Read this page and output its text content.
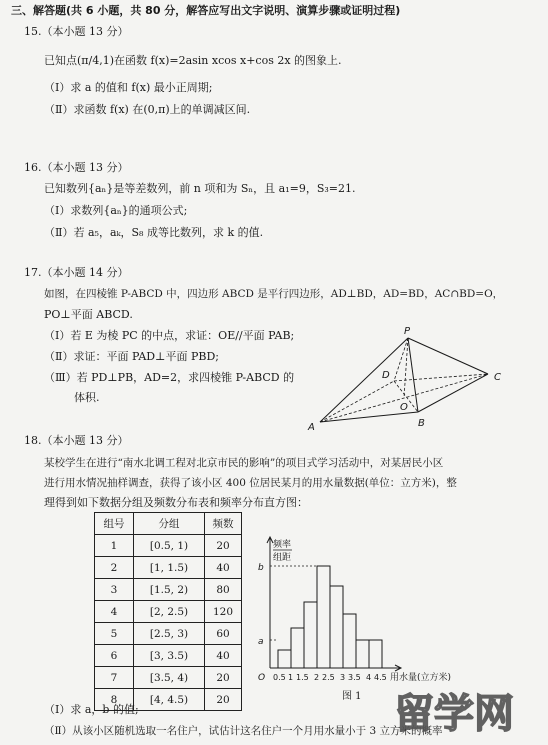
三、解答题(共 6 小题，共 80 分，解答应写出文字说明、演算步骤或证明过程)
15.（本小题 13 分）
已知点(π/4,1)在函数 f(x)=2asin xcos x+cos 2x 的图象上.
（Ⅰ）求 a 的值和 f(x) 最小正周期;
（Ⅱ）求函数 f(x) 在(0,π)上的单调减区间.
16.（本小题 13 分）
已知数列{aₙ}是等差数列，前 n 项和为 Sₙ，且 a₁=9，S₃=21.
（Ⅰ）求数列{aₙ}的通项公式;
（Ⅱ）若 a₅，aₖ，S₈ 成等比数列，求 k 的值.
17.（本小题 14 分）
如图，在四棱锥 P-ABCD 中，四边形 ABCD 是平行四边形，AD⊥BD，AD=BD，AC∩BD=O，
PO⊥平面 ABCD.
（Ⅰ）若 E 为棱 PC 的中点，求证：OE//平面 PAB;
（Ⅱ）求证：平面 PAD⊥平面 PBD;
（Ⅲ）若 PD⊥PB，AD=2，求四棱锥 P-ABCD 的
体积.
P
A	B
C
D
O
18.（本小题 13 分）
某校学生在进行“南水北调工程对北京市民的影响”的项目式学习活动中，对某居民小区
进行用水情况抽样调查，获得了该小区 400 位居民某月的用水量数据(单位：立方米)，整
理得到如下数据分组及频数分布表和频率分布直方图：
组号	分组	频数
1	[0.5, 1)	20
2	[1, 1.5)	40
3	[1.5, 2)	80
4	[2, 2.5)	120
5	[2.5, 3)	60
6	[3, 3.5)	40
7	[3.5, 4)	20
8	[4, 4.5)	20
频率
组距
b
a
O 0.5 1 1.5 2 2.5 3 3.5 4 4.5 用水量(立方米)
图 1
（Ⅰ）求 a，b 的值;
（Ⅱ）从该小区随机选取一名住户，试估计这名住户一个月用水量小于 3 立方米的概率
留学网
